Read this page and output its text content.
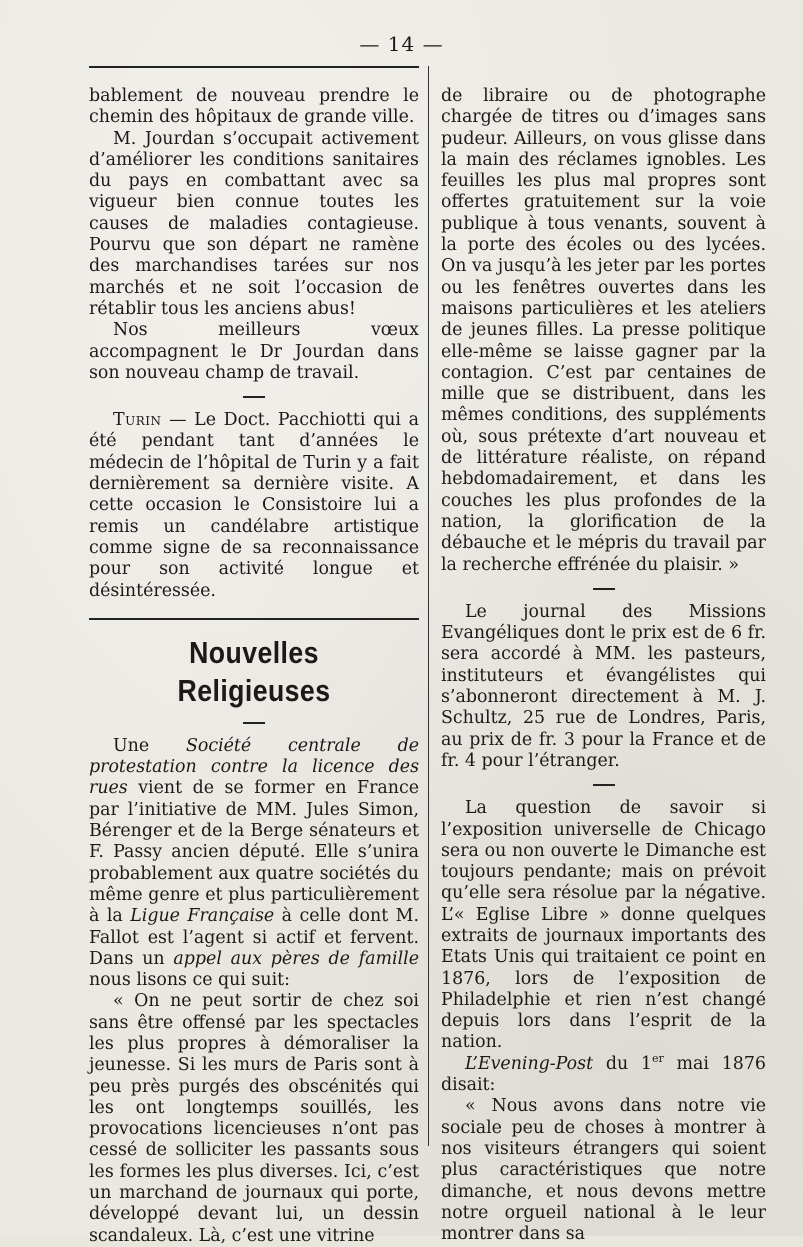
— 14 —

bablement de nouveau prendre le chemin des hôpitaux de grande ville.

M. Jourdan s’occupait activement d’améliorer les conditions sanitaires du pays en combattant avec sa vigueur bien connue toutes les causes de maladies contagieuse. Pourvu que son départ ne ramène des marchandises tarées sur nos marchés et ne soit l’occasion de rétablir tous les anciens abus!

Nos meilleurs vœux accompagnent le Dr Jourdan dans son nouveau champ de travail.

Turin — Le Doct. Pacchiotti qui a été pendant tant d’années le médecin de l’hôpital de Turin y a fait dernièrement sa dernière visite. A cette occasion le Consistoire lui a remis un candélabre artistique comme signe de sa reconnaissance pour son activité longue et désintéressée.

Nouvelles Religieuses

Une Société centrale de protestation contre la licence des rues vient de se former en France par l’initiative de MM. Jules Simon, Bérenger et de la Berge sénateurs et F. Passy ancien député. Elle s’unira probablement aux quatre sociétés du même genre et plus particulièrement à la Ligue Française à celle dont M. Fallot est l’agent si actif et fervent. Dans un appel aux pères de famille nous lisons ce qui suit:

« On ne peut sortir de chez soi sans être offensé par les spectacles les plus propres à démoraliser la jeunesse. Si les murs de Paris sont à peu près purgés des obscénités qui les ont longtemps souillés, les provocations licencieuses n’ont pas cessé de solliciter les passants sous les formes les plus diverses. Ici, c’est un marchand de journaux qui porte, développé devant lui, un dessin scandaleux. Là, c’est une vitrine

de libraire ou de photographe chargée de titres ou d’images sans pudeur. Ailleurs, on vous glisse dans la main des réclames ignobles. Les feuilles les plus mal propres sont offertes gratuitement sur la voie publique à tous venants, souvent à la porte des écoles ou des lycées. On va jusqu’à les jeter par les portes ou les fenêtres ouvertes dans les maisons particulières et les ateliers de jeunes filles. La presse politique elle-même se laisse gagner par la contagion. C’est par centaines de mille que se distribuent, dans les mêmes conditions, des suppléments où, sous prétexte d’art nouveau et de littérature réaliste, on répand hebdomadairement, et dans les couches les plus profondes de la nation, la glorification de la débauche et le mépris du travail par la recherche effrénée du plaisir. »

Le journal des Missions Evangéliques dont le prix est de 6 fr. sera accordé à MM. les pasteurs, instituteurs et évangélistes qui s’abonneront directement à M. J. Schultz, 25 rue de Londres, Paris, au prix de fr. 3 pour la France et de fr. 4 pour l’étranger.

La question de savoir si l’exposition universelle de Chicago sera ou non ouverte le Dimanche est toujours pendante; mais on prévoit qu’elle sera résolue par la négative. L’« Eglise Libre » donne quelques extraits de journaux importants des Etats Unis qui traitaient ce point en 1876, lors de l’exposition de Philadelphie et rien n’est changé depuis lors dans l’esprit de la nation.

L’Evening-Post du 1er mai 1876 disait:

« Nous avons dans notre vie sociale peu de choses à montrer à nos visiteurs étrangers qui soient plus caractéristiques que notre dimanche, et nous devons mettre notre orgueil national à le leur montrer dans sa
